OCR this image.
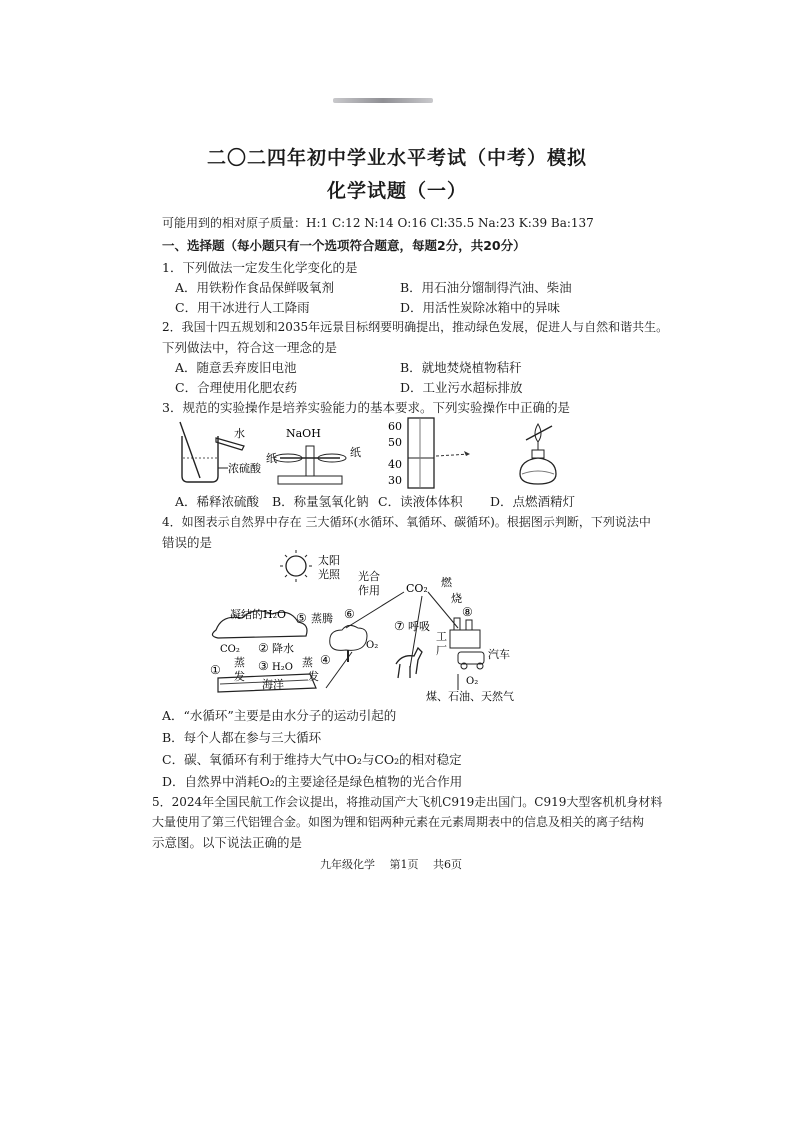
二〇二四年初中学业水平考试（中考）模拟
化学试题（一）
可能用到的相对原子质量：H:1 C:12 N:14 O:16 Cl:35.5 Na:23 K:39 Ba:137
一、选择题（每小题只有一个选项符合题意，每题2分，共20分）
1．下列做法一定发生化学变化的是
A．用铁粉作食品保鲜吸氧剂	B．用石油分馏制得汽油、柴油
C．用干冰进行人工降雨	D．用活性炭除冰箱中的异味
2．我国十四五规划和2035年远景目标纲要明确提出，推动绿色发展，促进人与自然和谐共生。
下列做法中，符合这一理念的是
A．随意丢弃废旧电池	B．就地焚烧植物秸秆
C．合理使用化肥农药	D．工业污水超标排放
3．规范的实验操作是培养实验能力的基本要求。下列实验操作中正确的是
水
浓硫酸
NaOH
纸	纸
60
50
40
30
A．稀释浓硫酸 B．称量氢氧化钠 C．读液体体积 D．点燃酒精灯
4．如图表示自然界中存在 三大循环(水循环、氧循环、碳循环)。根据图示判断，下列说法中
错误的是
太阳
光照 光合
作用 CO₂ 燃
烧
⑧
⑥
凝结的H₂O ⑤ 蒸腾
⑦ 呼吸
O₂
工
厂	汽车
CO₂ ② 降水
④
蒸
发
①	③ H₂O 蒸
发
海洋	O₂
煤、石油、天然气
A．“水循环”主要是由水分子的运动引起的
B．每个人都在参与三大循环
C．碳、氧循环有利于维持大气中O₂与CO₂的相对稳定
D．自然界中消耗O₂的主要途径是绿色植物的光合作用
5．2024年全国民航工作会议提出，将推动国产大飞机C919走出国门。C919大型客机机身材料
大量使用了第三代铝锂合金。如图为锂和铝两种元素在元素周期表中的信息及相关的离子结构
示意图。以下说法正确的是
九年级化学　 第1页　 共6页
